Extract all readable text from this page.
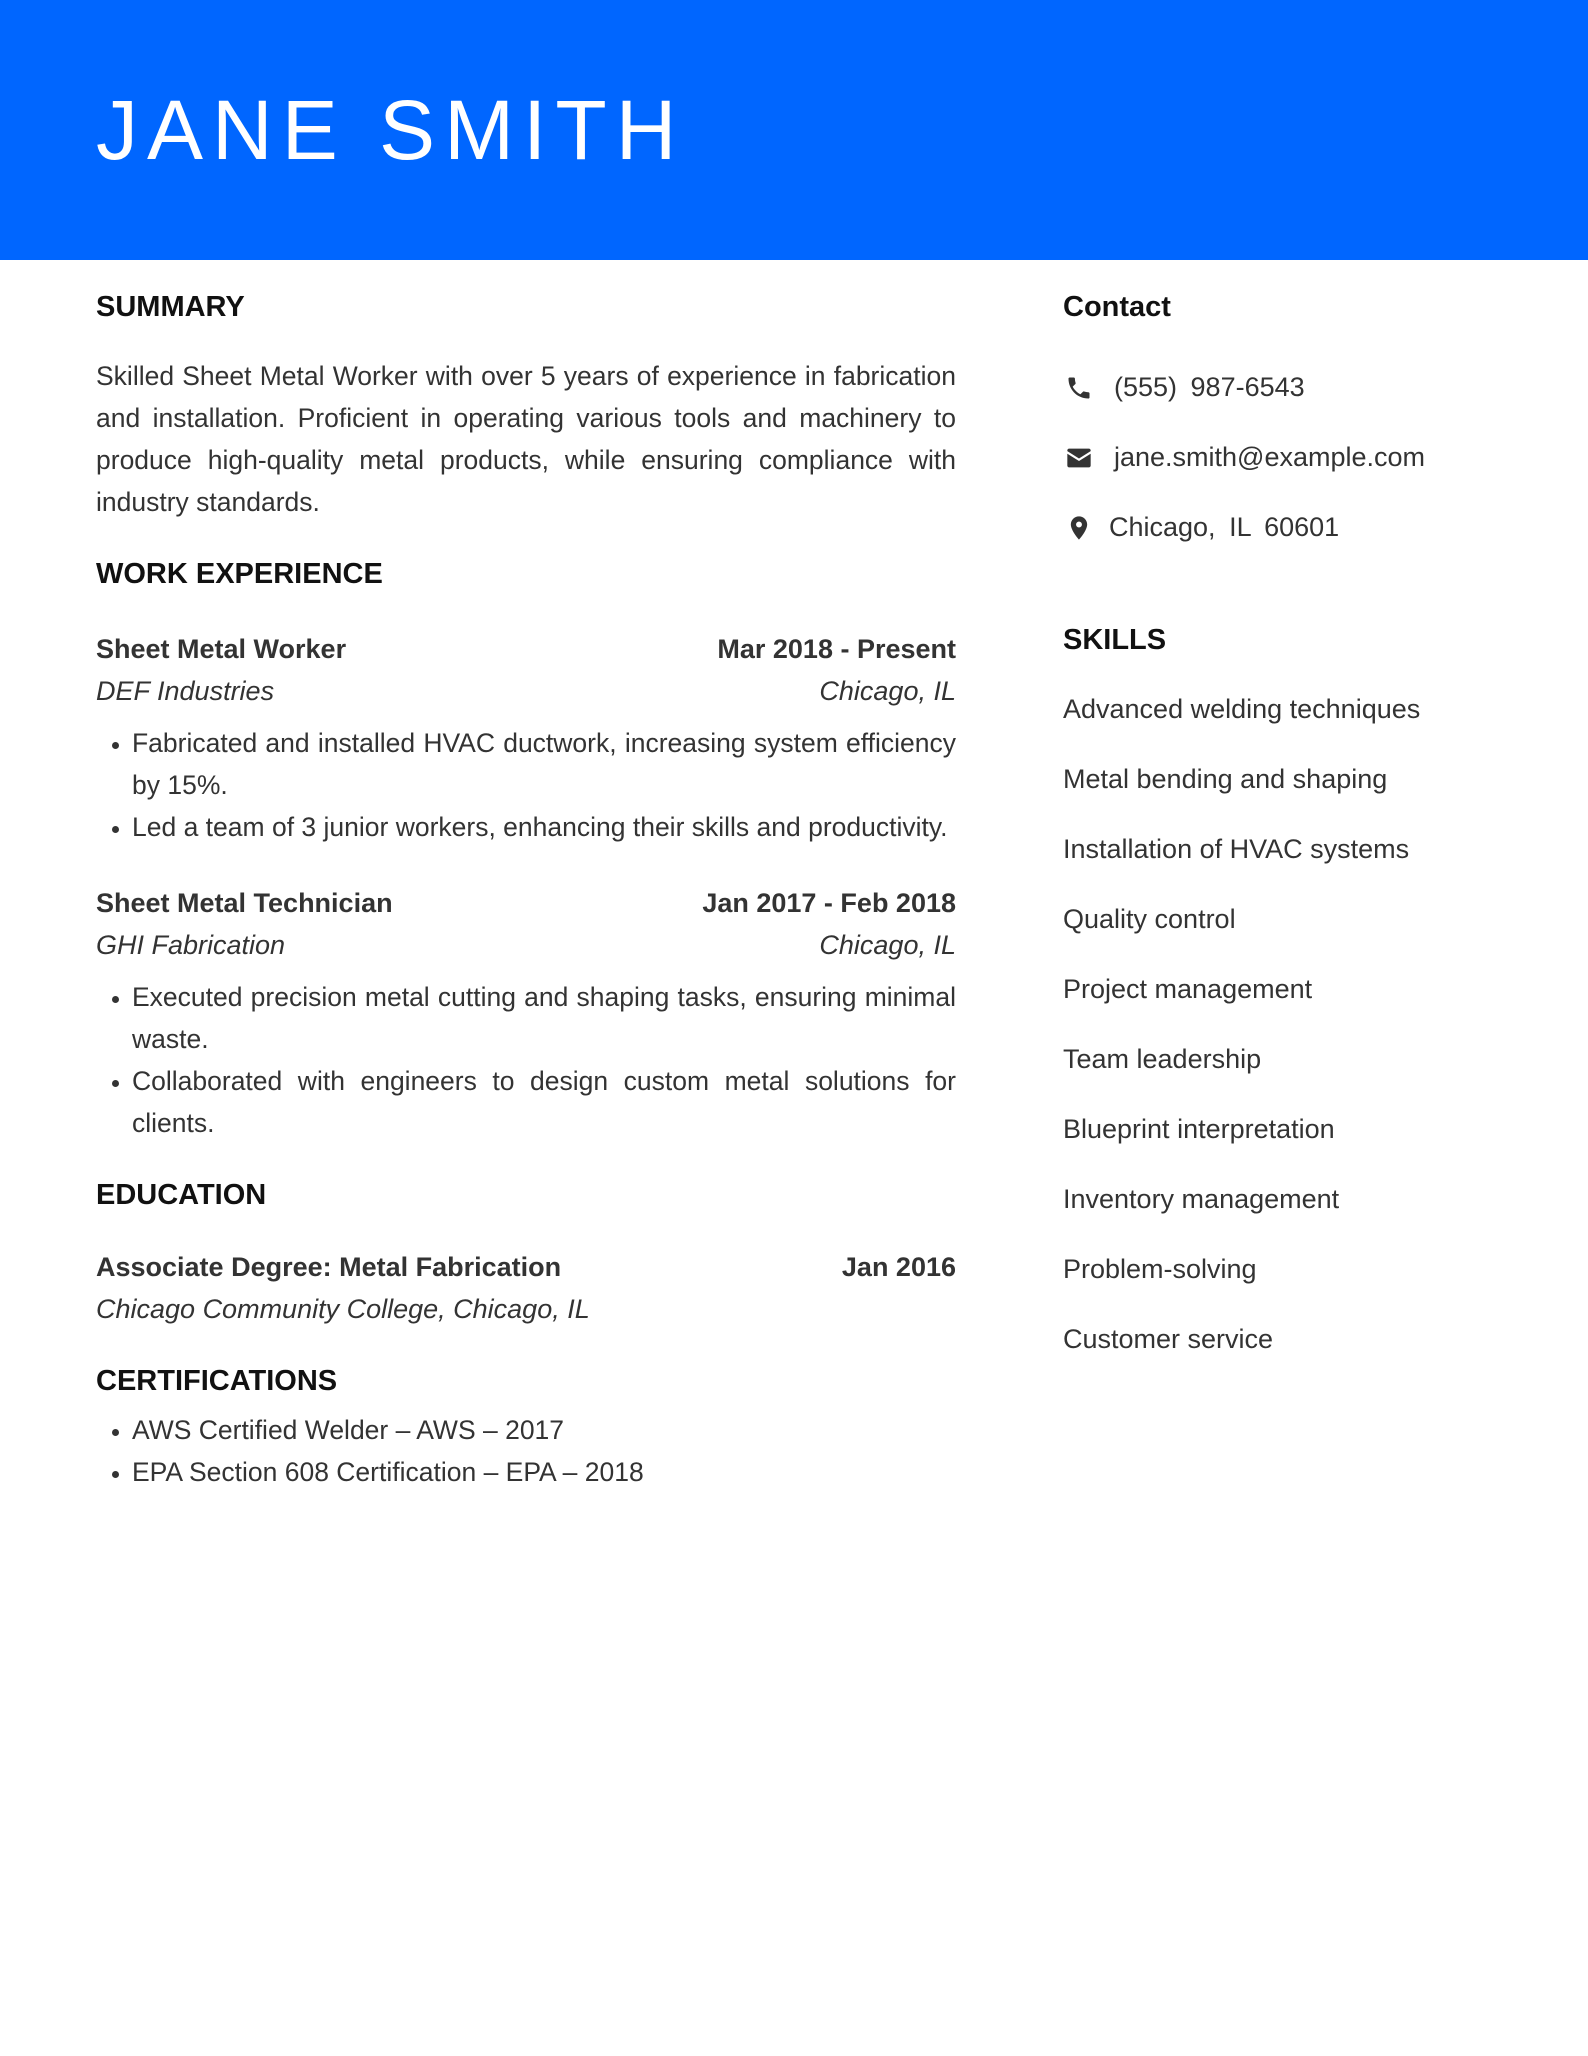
JANE SMITH
SUMMARY

Skilled Sheet Metal Worker with over 5 years of experience in fabrication and installation. Proficient in operating various tools and machinery to produce high-quality metal products, while ensuring compliance with industry standards.

WORK EXPERIENCE
Sheet Metal Worker	Mar 2018 - Present
DEF Industries	Chicago, IL
• Fabricated and installed HVAC ductwork, increasing system efficiency by 15%.
• Led a team of 3 junior workers, enhancing their skills and productivity.
Sheet Metal Technician	Jan 2017 - Feb 2018
GHI Fabrication	Chicago, IL
• Executed precision metal cutting and shaping tasks, ensuring minimal waste.
• Collaborated with engineers to design custom metal solutions for clients.
EDUCATION
Associate Degree: Metal Fabrication	Jan 2016
Chicago Community College, Chicago, IL
CERTIFICATIONS
• AWS Certified Welder – AWS – 2017
• EPA Section 608 Certification – EPA – 2018
Contact
(555) 987-6543
jane.smith@example.com
Chicago, IL 60601
SKILLS
Advanced welding techniques
Metal bending and shaping
Installation of HVAC systems
Quality control
Project management
Team leadership
Blueprint interpretation
Inventory management
Problem-solving
Customer service
